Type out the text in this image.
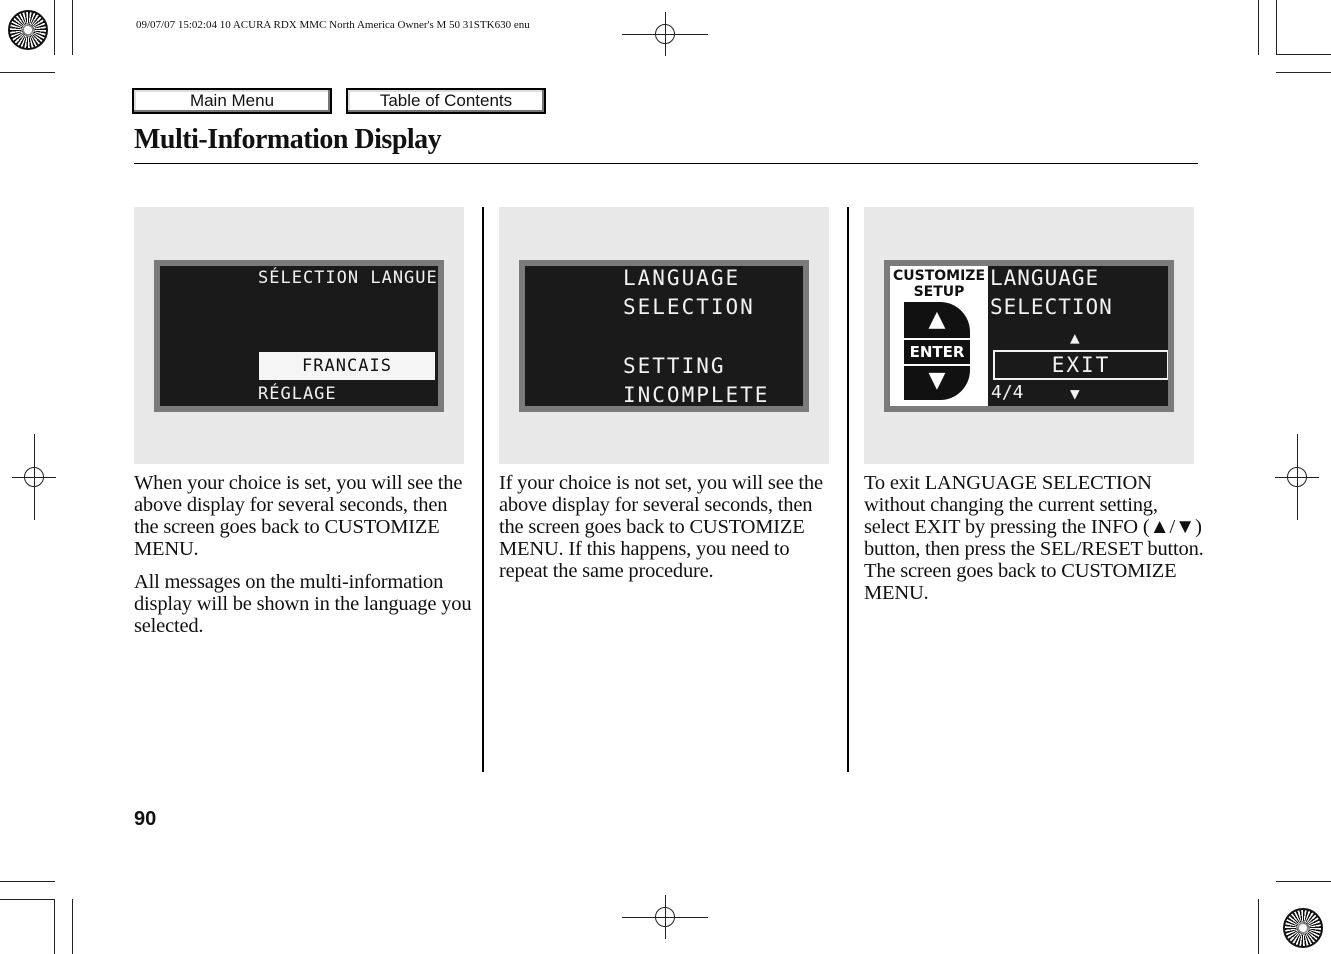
09/07/07 15:02:04 10 ACURA RDX MMC North America Owner's M 50 31STK630 enu
Main Menu	Table of Contents
Multi-Information Display
SÉLECTION LANGUE
FRANCAIS
RÉGLAGE
LANGUAGE
SELECTION
SETTING
INCOMPLETE
CUSTOMIZE
SETUP
▲
ENTER
▼
LANGUAGE
SELECTION
▲
EXIT
4/4	▼

When your choice is set, you will see the above display for several seconds, then the screen goes back to CUSTOMIZE MENU.

All messages on the multi-information display will be shown in the language you selected.

If your choice is not set, you will see the above display for several seconds, then the screen goes back to CUSTOMIZE MENU. If this happens, you need to repeat the same procedure.

To exit LANGUAGE SELECTION without changing the current setting, select EXIT by pressing the INFO (▲/▼) button, then press the SEL/RESET button. The screen goes back to CUSTOMIZE MENU.

90
